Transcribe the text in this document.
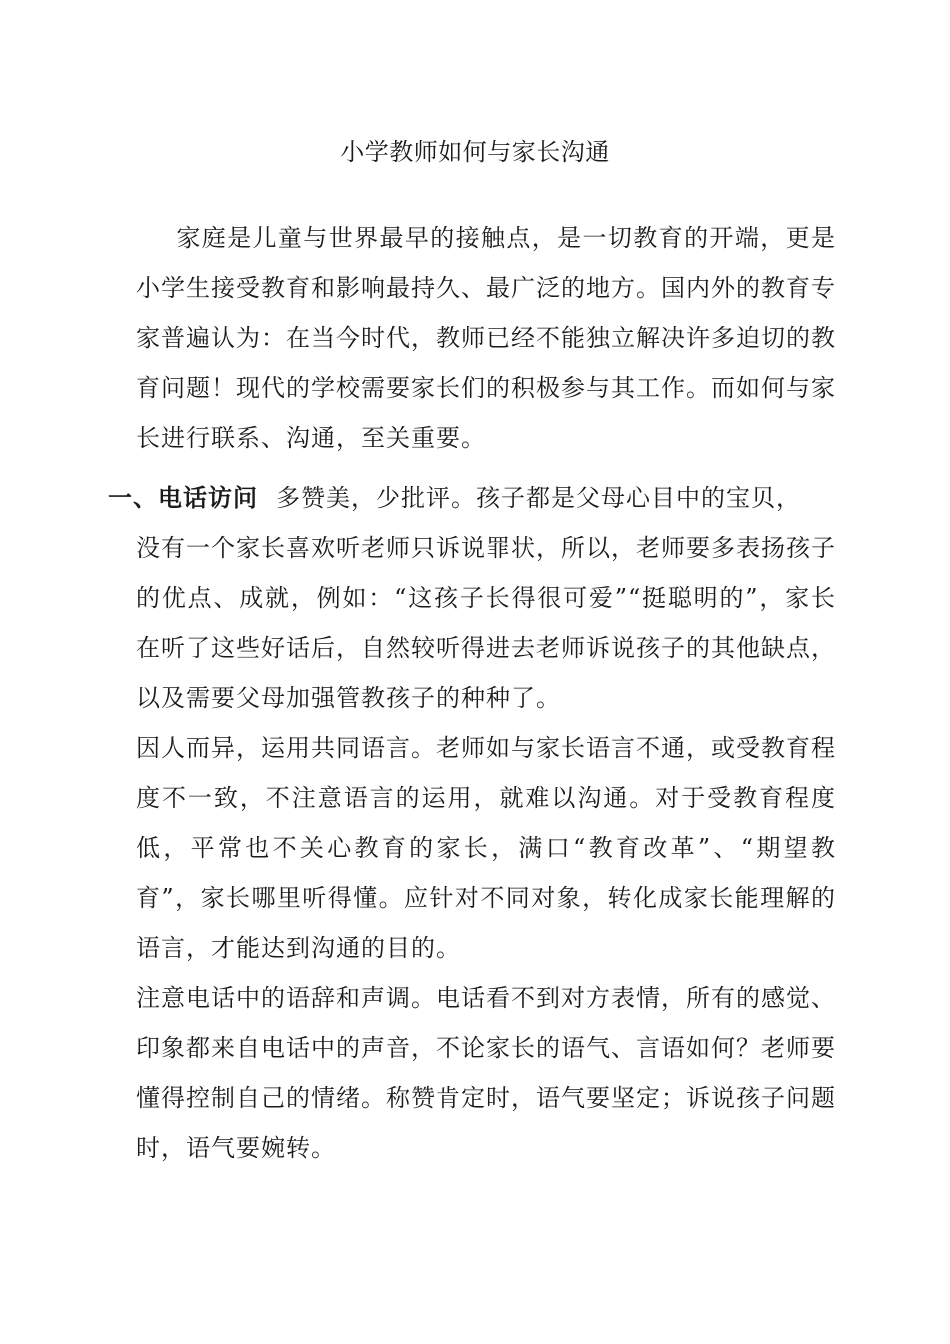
小学教师如何与家长沟通
家庭是儿童与世界最早的接触点，是一切教育的开端，更是小学生接受教育和影响最持久、最广泛的地方。国内外的教育专家普遍认为：在当今时代，教师已经不能独立解决许多迫切的教育问题！现代的学校需要家长们的积极参与其工作。而如何与家长进行联系、沟通，至关重要。
一、电话访问 多赞美，少批评。孩子都是父母心目中的宝贝，
没有一个家长喜欢听老师只诉说罪状，所以，老师要多表扬孩子的优点、成就，例如：“这孩子长得很可爱”“挺聪明的”，家长在听了这些好话后，自然较听得进去老师诉说孩子的其他缺点，以及需要父母加强管教孩子的种种了。
因人而异，运用共同语言。老师如与家长语言不通，或受教育程度不一致，不注意语言的运用，就难以沟通。对于受教育程度低，平常也不关心教育的家长，满口“教育改革”、“期望教育”，家长哪里听得懂。应针对不同对象，转化成家长能理解的语言，才能达到沟通的目的。
注意电话中的语辞和声调。电话看不到对方表情，所有的感觉、印象都来自电话中的声音，不论家长的语气、言语如何？老师要懂得控制自己的情绪。称赞肯定时，语气要坚定；诉说孩子问题时，语气要婉转。
